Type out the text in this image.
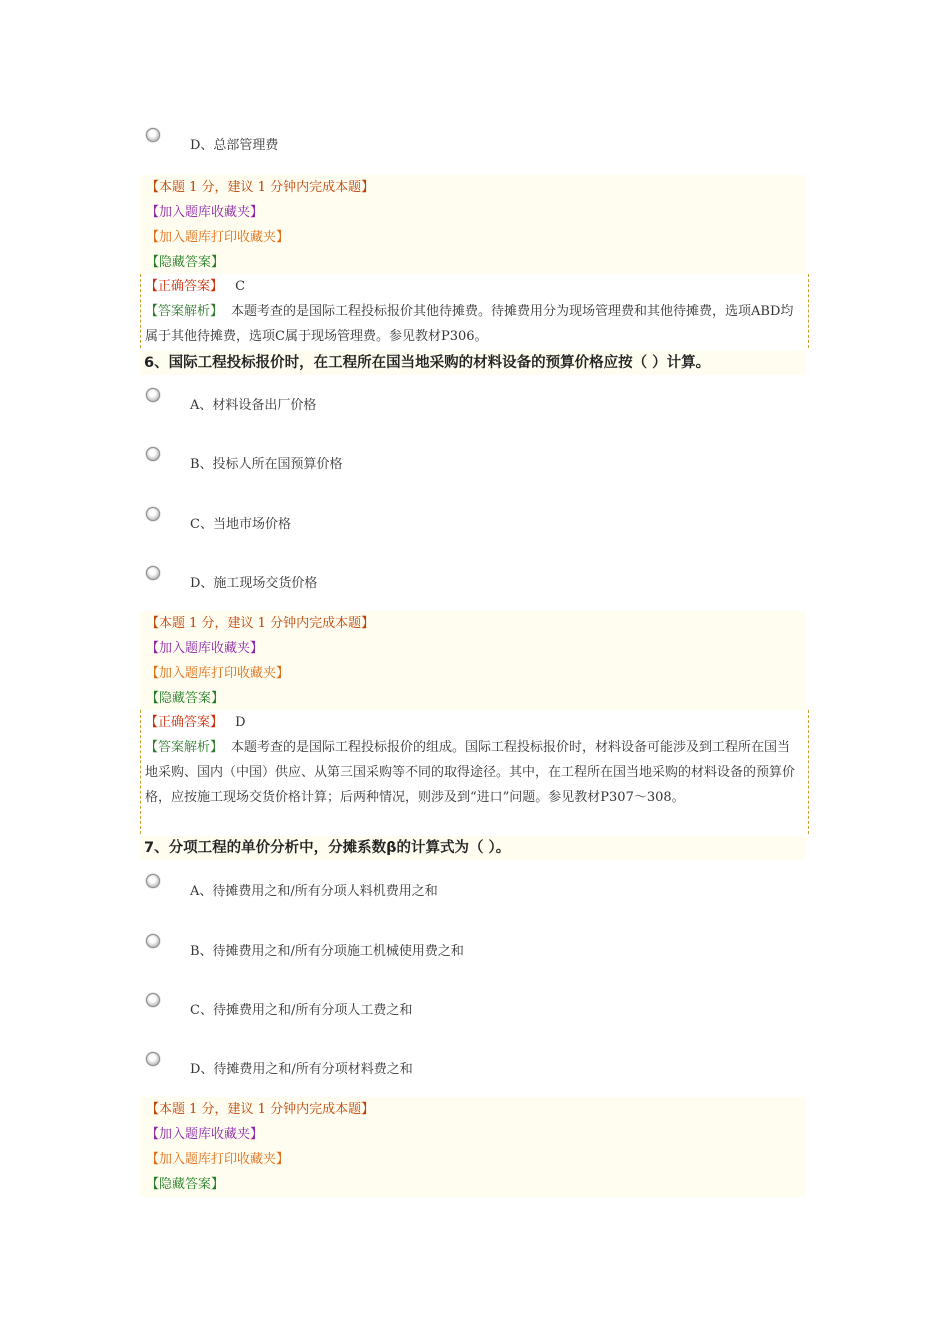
D、总部管理费
【本题 1 分，建议 1 分钟内完成本题】
【加入题库收藏夹】
【加入题库打印收藏夹】
【隐藏答案】
【正确答案】 C
【答案解析】 本题考查的是国际工程投标报价其他待摊费。待摊费用分为现场管理费和其他待摊费，选项ABD均属于其他待摊费，选项C属于现场管理费。参见教材P306。
6、国际工程投标报价时，在工程所在国当地采购的材料设备的预算价格应按（ ）计算。
A、材料设备出厂价格
B、投标人所在国预算价格
C、当地市场价格
D、施工现场交货价格
【本题 1 分，建议 1 分钟内完成本题】
【加入题库收藏夹】
【加入题库打印收藏夹】
【隐藏答案】
【正确答案】 D
【答案解析】 本题考查的是国际工程投标报价的组成。国际工程投标报价时，材料设备可能涉及到工程所在国当地采购、国内（中国）供应、从第三国采购等不同的取得途径。其中，在工程所在国当地采购的材料设备的预算价格，应按施工现场交货价格计算；后两种情况，则涉及到“进口”问题。参见教材P307～308。
7、分项工程的单价分析中，分摊系数β的计算式为（ ）。
A、待摊费用之和/所有分项人料机费用之和
B、待摊费用之和/所有分项施工机械使用费之和
C、待摊费用之和/所有分项人工费之和
D、待摊费用之和/所有分项材料费之和
【本题 1 分，建议 1 分钟内完成本题】
【加入题库收藏夹】
【加入题库打印收藏夹】
【隐藏答案】
